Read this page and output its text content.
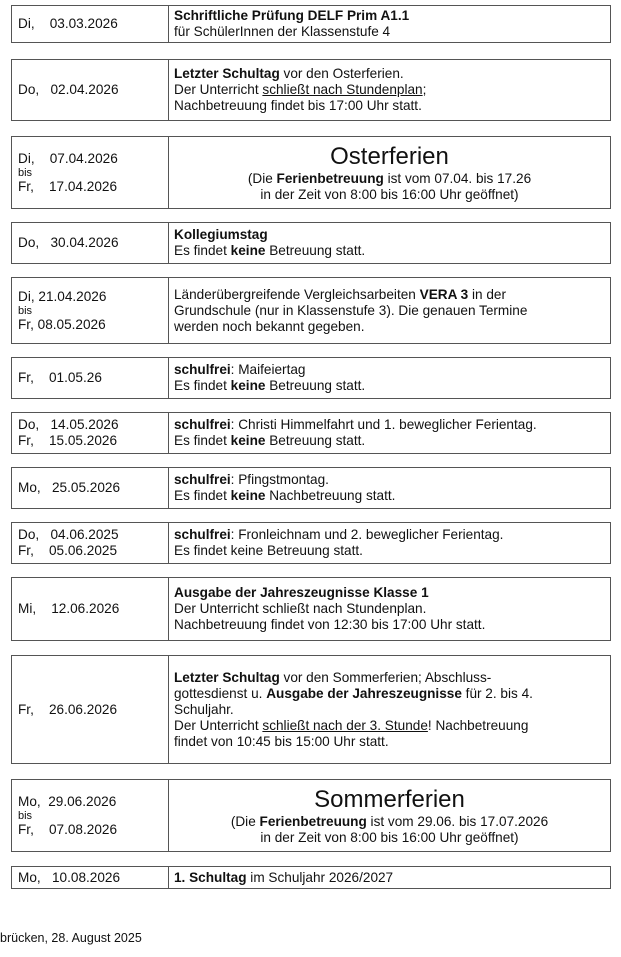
Di,    03.03.2026
Schriftliche Prüfung DELF Prim A1.1
für SchülerInnen der Klassenstufe 4
Do,   02.04.2026
Letzter Schultag vor den Osterferien.
Der Unterricht schließt nach Stundenplan;
Nachbetreuung findet bis 17:00 Uhr statt.
Di,    07.04.2026
bis
Fr,    17.04.2026
Osterferien
(Die Ferienbetreuung ist vom 07.04. bis 17.26
in der Zeit von 8:00 bis 16:00 Uhr geöffnet)
Do,   30.04.2026
Kollegiumstag
Es findet keine Betreuung statt.
Di, 21.04.2026
bis
Fr, 08.05.2026
Länderübergreifende Vergleichsarbeiten VERA 3 in der
Grundschule (nur in Klassenstufe 3). Die genauen Termine
werden noch bekannt gegeben.
Fr,    01.05.26
schulfrei: Maifeiertag
Es findet keine Betreuung statt.
Do,   14.05.2026
Fr,    15.05.2026
schulfrei: Christi Himmelfahrt und 1. beweglicher Ferientag.
Es findet keine Betreuung statt.
Mo,   25.05.2026
schulfrei: Pfingstmontag.
Es findet keine Nachbetreuung statt.
Do,   04.06.2025
Fr,    05.06.2025
schulfrei: Fronleichnam und 2. beweglicher Ferientag.
Es findet keine Betreuung statt.
Mi,    12.06.2026
Ausgabe der Jahreszeugnisse Klasse 1
Der Unterricht schließt nach Stundenplan.
Nachbetreuung findet von 12:30 bis 17:00 Uhr statt.
Fr,    26.06.2026
Letzter Schultag vor den Sommerferien; Abschluss-
gottesdienst u. Ausgabe der Jahreszeugnisse für 2. bis 4.
Schuljahr.
Der Unterricht schließt nach der 3. Stunde! Nachbetreuung
findet von 10:45 bis 15:00 Uhr statt.
Mo,  29.06.2026
bis
Fr,    07.08.2026
Sommerferien
(Die Ferienbetreuung ist vom 29.06. bis 17.07.2026
in der Zeit von 8:00 bis 16:00 Uhr geöffnet)
Mo,   10.08.2026	1. Schultag im Schuljahr 2026/2027
brücken, 28. August 2025
